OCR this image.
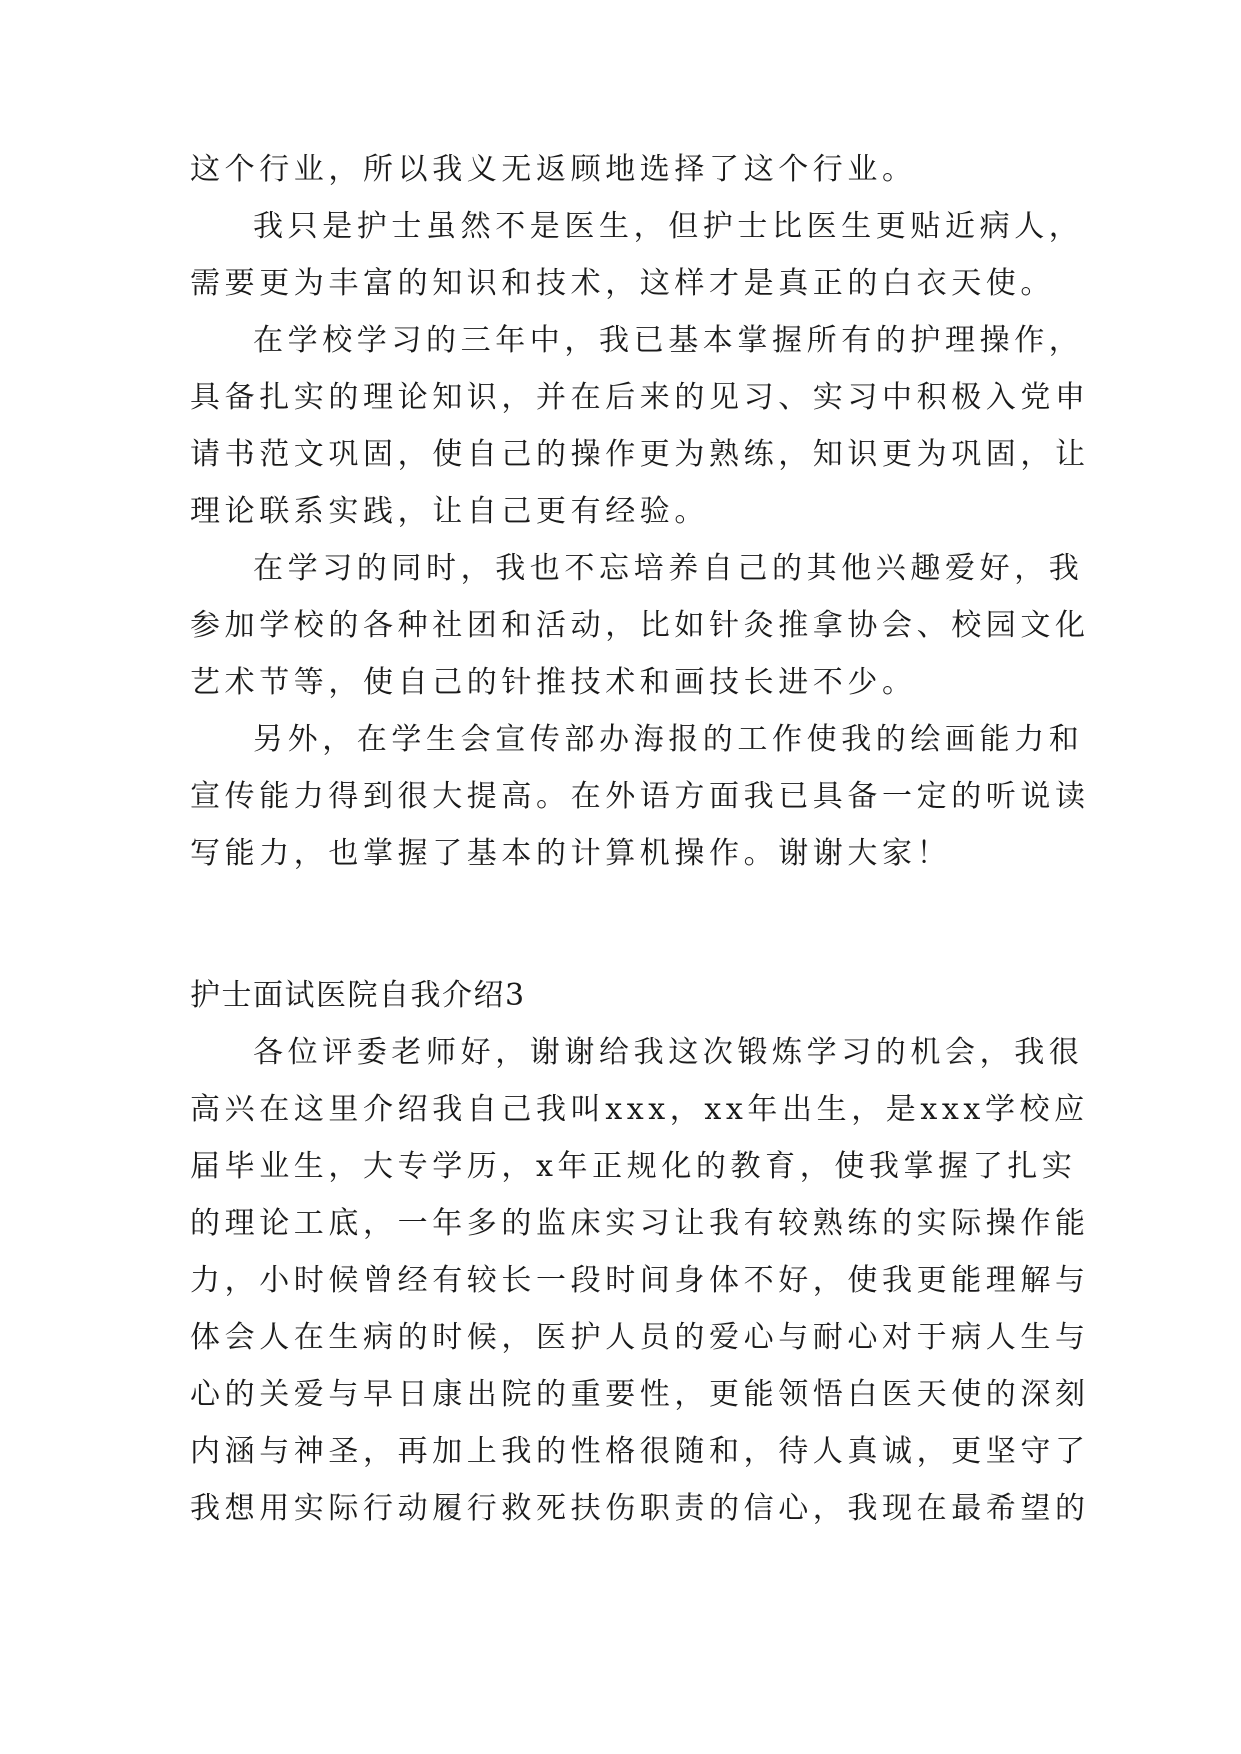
这个行业，所以我义无返顾地选择了这个行业。
我只是护士虽然不是医生，但护士比医生更贴近病人，
需要更为丰富的知识和技术，这样才是真正的白衣天使。
在学校学习的三年中，我已基本掌握所有的护理操作，
具备扎实的理论知识，并在后来的见习、实习中积极入党申
请书范文巩固，使自己的操作更为熟练，知识更为巩固，让
理论联系实践，让自己更有经验。
在学习的同时，我也不忘培养自己的其他兴趣爱好，我
参加学校的各种社团和活动，比如针灸推拿协会、校园文化
艺术节等，使自己的针推技术和画技长进不少。
另外，在学生会宣传部办海报的工作使我的绘画能力和
宣传能力得到很大提高。在外语方面我已具备一定的听说读
写能力，也掌握了基本的计算机操作。谢谢大家！
护士面试医院自我介绍3
各位评委老师好，谢谢给我这次锻炼学习的机会，我很
高兴在这里介绍我自己我叫xxx，xx年出生，是xxx学校应
届毕业生，大专学历，x年正规化的教育，使我掌握了扎实
的理论工底，一年多的监床实习让我有较熟练的实际操作能
力，小时候曾经有较长一段时间身体不好，使我更能理解与
体会人在生病的时候，医护人员的爱心与耐心对于病人生与
心的关爱与早日康出院的重要性，更能领悟白医天使的深刻
内涵与神圣，再加上我的性格很随和，待人真诚，更坚守了
我想用实际行动履行救死扶伤职责的信心，我现在最希望的
